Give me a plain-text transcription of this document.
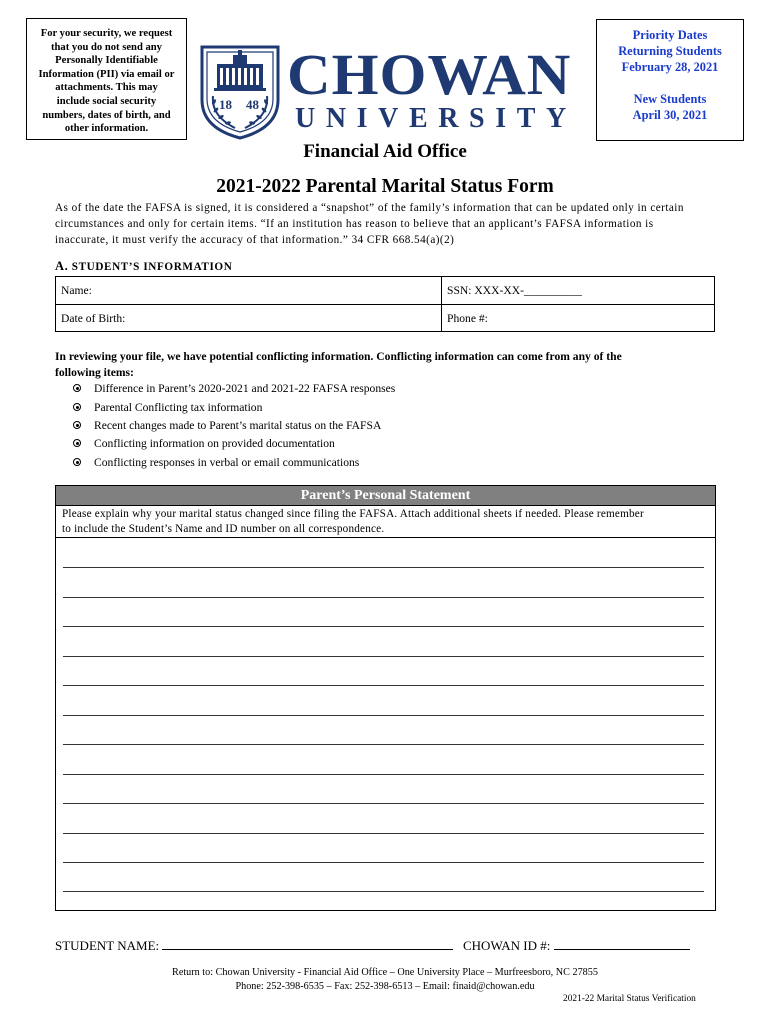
For your security, we request
that you do not send any
Personally Identifiable
Information (PII) via email or
attachments. This may
include social security
numbers, dates of birth, and
other information.
18 48 CHOWAN
UNIVERSITY
Priority Dates
Returning Students
February 28, 2021
New Students
April 30, 2021
Financial Aid Office
2021-2022 Parental Marital Status Form
As of the date the FAFSA is signed, it is considered a “snapshot” of the family’s information that can be updated only in certain
circumstances and only for certain items. “If an institution has reason to believe that an applicant’s FAFSA information is
inaccurate, it must verify the accuracy of that information.” 34 CFR 668.54(a)(2)
A. STUDENT’S INFORMATION
Name:	SSN: XXX-XX-__________
Date of Birth:	Phone #:
In reviewing your file, we have potential conflicting information. Conflicting information can come from any of the
following items:
Difference in Parent’s 2020-2021 and 2021-22 FAFSA responses
Parental Conflicting tax information
Recent changes made to Parent’s marital status on the FAFSA
Conflicting information on provided documentation
Conflicting responses in verbal or email communications
Parent’s Personal Statement
Please explain why your marital status changed since filing the FAFSA. Attach additional sheets if needed. Please remember
to include the Student’s Name and ID number on all correspondence.
STUDENT NAME:	CHOWAN ID #:
Return to: Chowan University - Financial Aid Office – One University Place – Murfreesboro, NC 27855
Phone: 252-398-6535 – Fax: 252-398-6513 – Email: finaid@chowan.edu
2021-22 Marital Status Verification
